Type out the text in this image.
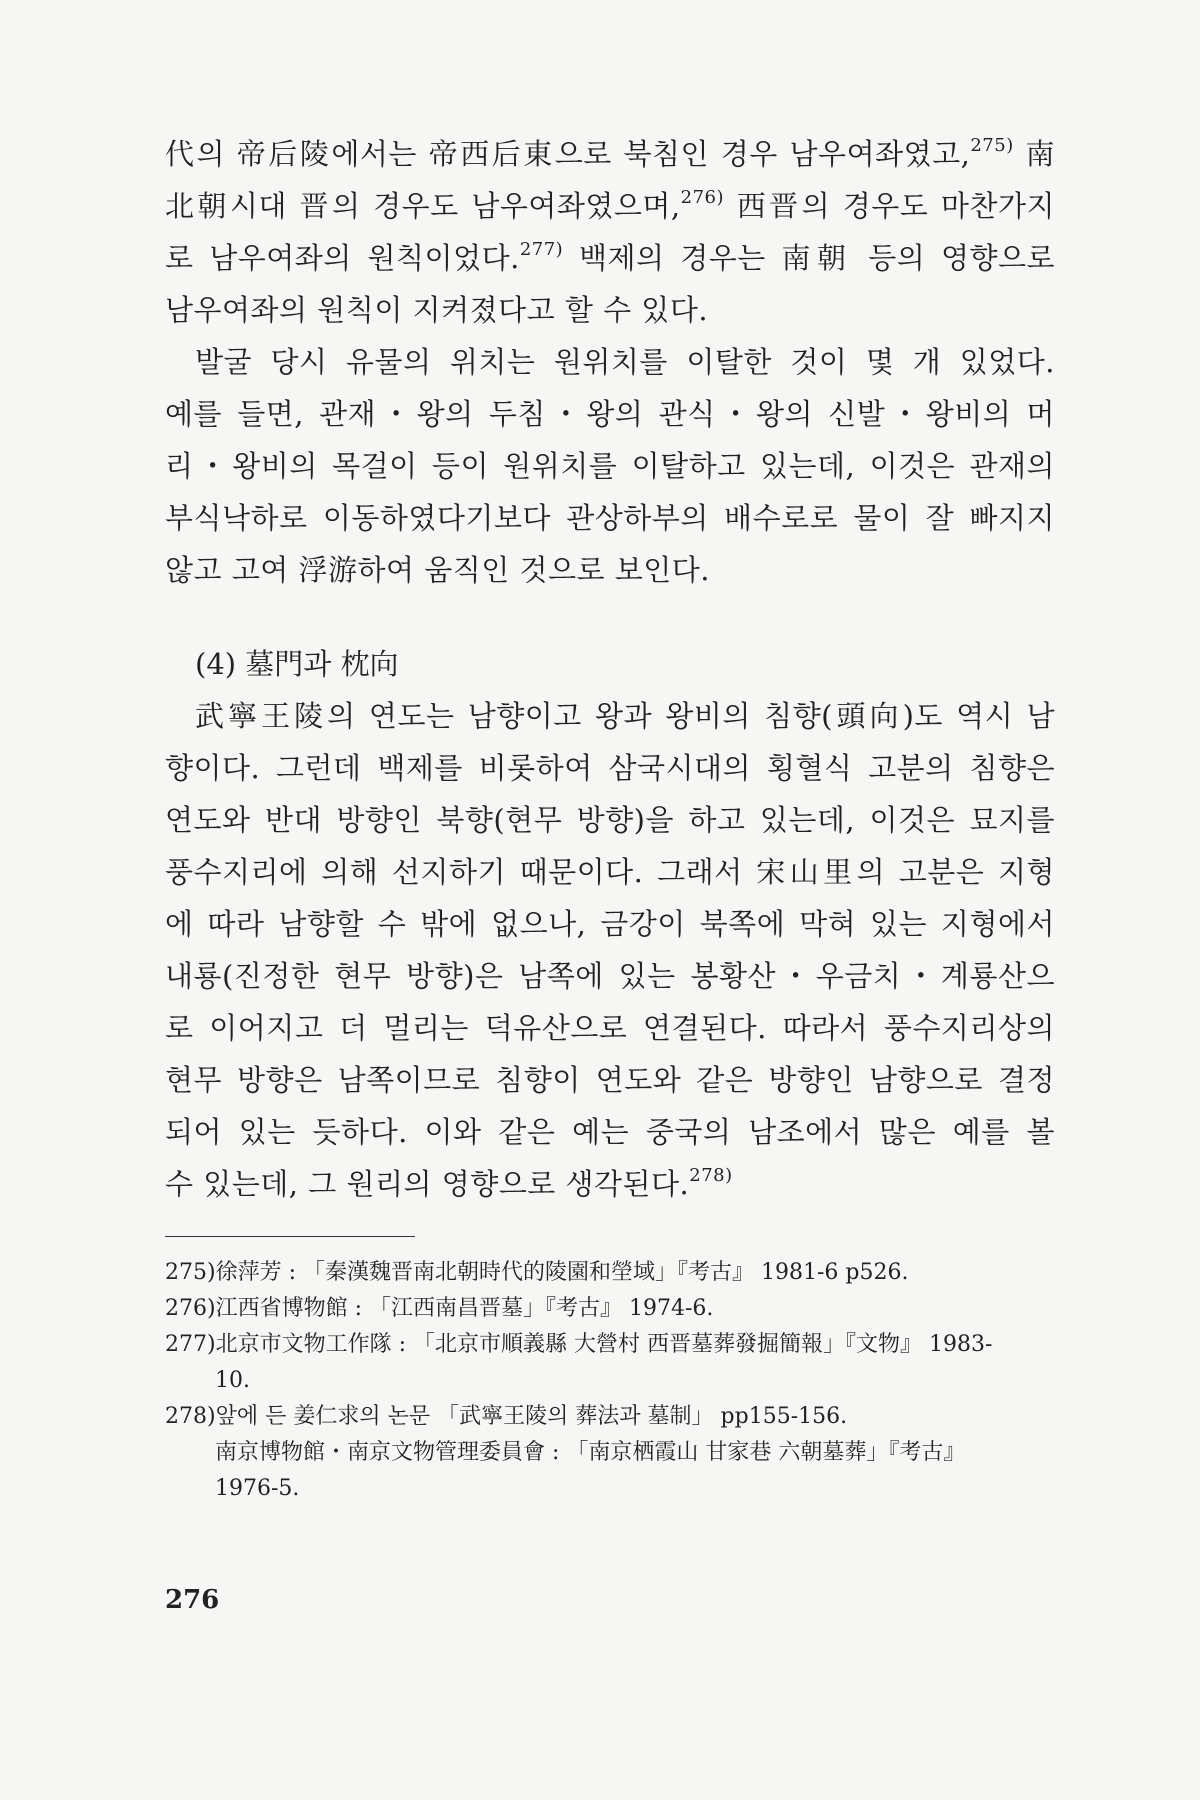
代의 帝后陵에서는 帝西后東으로 북침인 경우 남우여좌였고,$^{275)}$ 南
北朝시대 晋의 경우도 남우여좌였으며,$^{276)}$ 西晋의 경우도 마찬가지
로 남우여좌의 원칙이었다.$^{277)}$ 백제의 경우는 南朝 등의 영향으로
남우여좌의 원칙이 지켜졌다고 할 수 있다.

발굴 당시 유물의 위치는 원위치를 이탈한 것이 몇 개 있었다.
예를 들면, 관재・왕의 두침・왕의 관식・왕의 신발・왕비의 머
리・왕비의 목걸이 등이 원위치를 이탈하고 있는데, 이것은 관재의
부식낙하로 이동하였다기보다 관상하부의 배수로로 물이 잘 빠지지
않고 고여 浮游하여 움직인 것으로 보인다.

(4) 墓門과 枕向

武寧王陵의 연도는 남향이고 왕과 왕비의 침향(頭向)도 역시 남
향이다. 그런데 백제를 비롯하여 삼국시대의 횡혈식 고분의 침향은
연도와 반대 방향인 북향(현무 방향)을 하고 있는데, 이것은 묘지를
풍수지리에 의해 선지하기 때문이다. 그래서 宋山里의 고분은 지형
에 따라 남향할 수 밖에 없으나, 금강이 북쪽에 막혀 있는 지형에서
내룡(진정한 현무 방향)은 남쪽에 있는 봉황산・우금치・계룡산으
로 이어지고 더 멀리는 덕유산으로 연결된다. 따라서 풍수지리상의
현무 방향은 남쪽이므로 침향이 연도와 같은 방향인 남향으로 결정
되어 있는 듯하다. 이와 같은 예는 중국의 남조에서 많은 예를 볼
수 있는데, 그 원리의 영향으로 생각된다.$^{278)}$

275) 徐萍芳 : 「秦漢魏晋南北朝時代的陵園和塋域」『考古』 1981-6 p526.
276) 江西省博物館 : 「江西南昌晋墓」『考古』 1974-6.
277) 北京市文物工作隊 : 「北京市順義縣 大營村 西晋墓葬發掘簡報」『文物』 1983-
10.
278) 앞에 든 姜仁求의 논문 「武寧王陵의 葬法과 墓制」 pp155-156.
南京博物館・南京文物管理委員會 : 「南京栖霞山 甘家巷 六朝墓葬」『考古』
1976-5.
276
